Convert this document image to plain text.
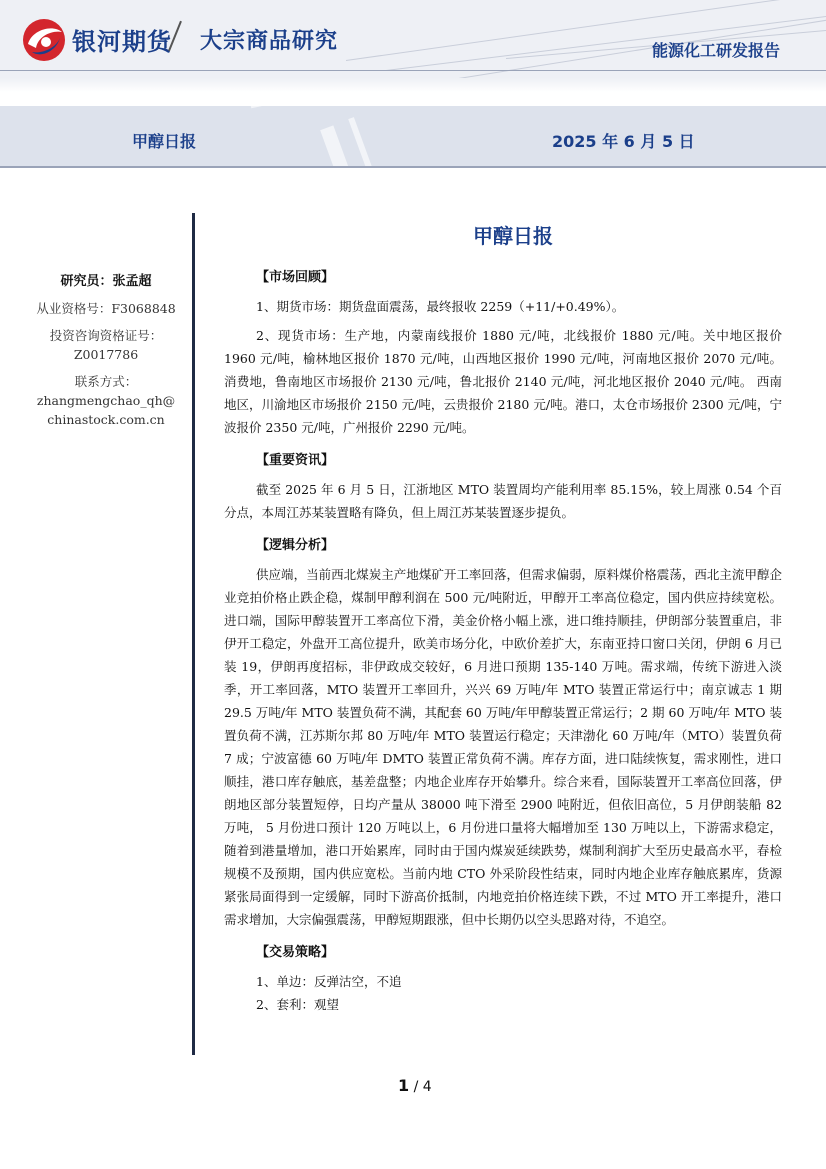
银河期货 大宗商品研究	能源化工研发报告
甲醇日报	2025 年 6 月 5 日
研究员：张孟超
从业资格号：F3068848
投资咨询资格证号：
Z0017786
联系方式：
zhangmengchao_qh@
chinastock.com.cn
甲醇日报
【市场回顾】
1、期货市场：期货盘面震荡，最终报收 2259（+11/+0.49%）。
2、现货市场：生产地，内蒙南线报价 1880 元/吨，北线报价 1880 元/吨。关中地区报价 1960 元/吨，榆林地区报价 1870 元/吨，山西地区报价 1990 元/吨，河南地区报价 2070 元/吨。消费地，鲁南地区市场报价 2130 元/吨，鲁北报价 2140 元/吨，河北地区报价 2040 元/吨。 西南地区，川渝地区市场报价 2150 元/吨，云贵报价 2180 元/吨。港口，太仓市场报价 2300 元/吨，宁波报价 2350 元/吨，广州报价 2290 元/吨。
【重要资讯】
截至 2025 年 6 月 5 日，江浙地区 MTO 装置周均产能利用率 85.15%，较上周涨 0.54 个百分点，本周江苏某装置略有降负，但上周江苏某装置逐步提负。
【逻辑分析】
供应端，当前西北煤炭主产地煤矿开工率回落，但需求偏弱，原料煤价格震荡，西北主流甲醇企业竞拍价格止跌企稳，煤制甲醇利润在 500 元/吨附近，甲醇开工率高位稳定，国内供应持续宽松。进口端，国际甲醇装置开工率高位下滑，美金价格小幅上涨，进口维持顺挂，伊朗部分装置重启，非伊开工稳定，外盘开工高位提升，欧美市场分化，中欧价差扩大，东南亚持口窗口关闭，伊朗 6 月已装 19，伊朗再度招标，非伊政成交较好，6 月进口预期 135-140 万吨。需求端，传统下游进入淡季，开工率回落，MTO 装置开工率回升，兴兴 69 万吨/年 MTO 装置正常运行中；南京诚志 1 期 29.5 万吨/年 MTO 装置负荷不满，其配套 60 万吨/年甲醇装置正常运行；2 期 60 万吨/年 MTO 装置负荷不满，江苏斯尔邦 80 万吨/年 MTO 装置运行稳定；天津渤化 60 万吨/年（MTO）装置负荷 7 成；宁波富德 60 万吨/年 DMTO 装置正常负荷不满。库存方面，进口陆续恢复，需求刚性，进口顺挂，港口库存触底，基差盘整；内地企业库存开始攀升。综合来看，国际装置开工率高位回落，伊朗地区部分装置短停，日均产量从 38000 吨下滑至 2900 吨附近，但依旧高位，5 月伊朗装船 82 万吨， 5 月份进口预计 120 万吨以上，6 月份进口量将大幅增加至 130 万吨以上，下游需求稳定，随着到港量增加，港口开始累库，同时由于国内煤炭延续跌势，煤制利润扩大至历史最高水平，春检规模不及预期，国内供应宽松。当前内地 CTO 外采阶段性结束，同时内地企业库存触底累库，货源紧张局面得到一定缓解，同时下游高价抵制，内地竞拍价格连续下跌，不过 MTO 开工率提升，港口需求增加，大宗偏强震荡，甲醇短期跟涨，但中长期仍以空头思路对待，不追空。
【交易策略】
1、单边：反弹沽空，不追
2、套利：观望
1 / 4
